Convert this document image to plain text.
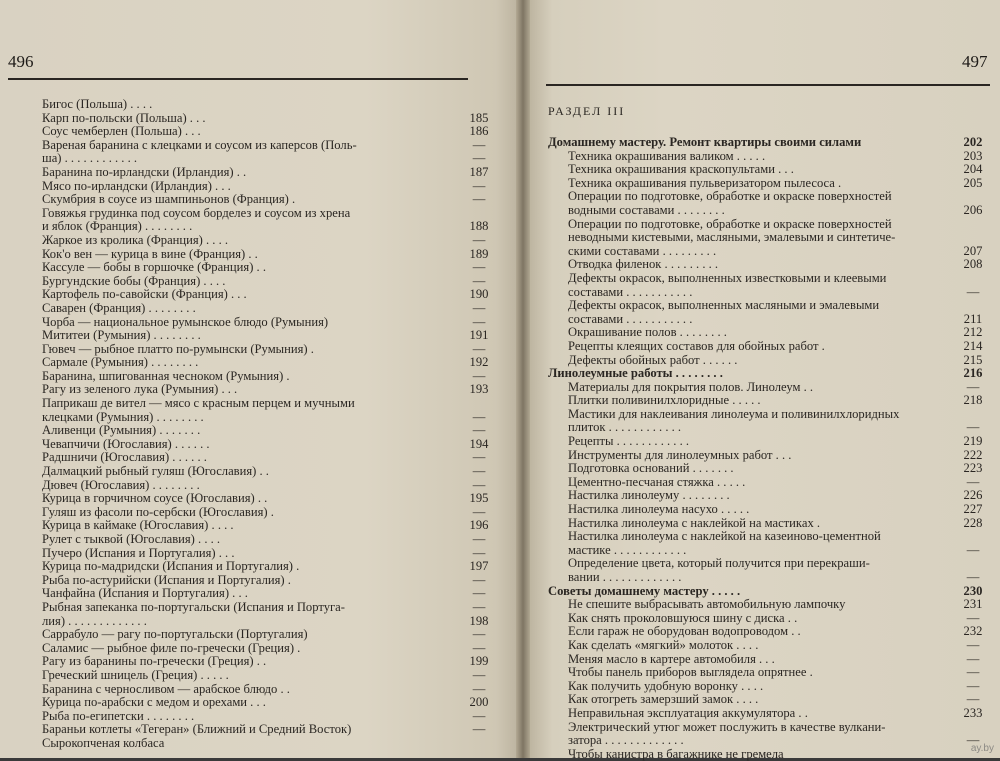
496	497
РАЗДЕЛ III
Бигос (Польша) . . . .
Карп по-польски (Польша) . . .	185
Соус чемберлен (Польша) . . .	186
Вареная баранина с клецками и соусом из каперсов (Поль-	—
ша) . . . . . . . . . . . .	—
Баранина по-ирландски (Ирландия) . .	187
Мясо по-ирландски (Ирландия) . . .	—
Скумбрия в соусе из шампиньонов (Франция) .	—
Говяжья грудинка под соусом борделез и соусом из хрена
и яблок (Франция) . . . . . . . .	188
Жаркое из кролика (Франция) . . . .	—
Кок'о вен — курица в вине (Франция) . .	189
Кассуле — бобы в горшочке (Франция) . .	—
Бургундские бобы (Франция) . . . .	—
Картофель по-савойски (Франция) . . .	190
Саварен (Франция) . . . . . . . .	—
Чорба — национальное румынское блюдо (Румыния)	—
Мититеи (Румыния) . . . . . . . .	191
Гювеч — рыбное платто по-румынски (Румыния) .	—
Сармале (Румыния) . . . . . . . .	192
Баранина, шпигованная чесноком (Румыния) .	—
Рагу из зеленого лука (Румыния) . . .	193
Паприкаш де вител — мясо с красным перцем и мучными
клецками (Румыния) . . . . . . . .	—
Аливенци (Румыния) . . . . . . .	—
Чевапчичи (Югославия) . . . . . .	194
Радшничи (Югославия) . . . . . .	—
Далмацкий рыбный гуляш (Югославия) . .	—
Дювеч (Югославия) . . . . . . . .	—
Курица в горчичном соусе (Югославия) . .	195
Гуляш из фасоли по-сербски (Югославия) .	—
Курица в каймаке (Югославия) . . . .	196
Рулет с тыквой (Югославия) . . . .	—
Пучеро (Испания и Португалия) . . .	—
Курица по-мадридски (Испания и Португалия) .	197
Рыба по-астурийски (Испания и Португалия) .	—
Чанфайна (Испания и Португалия) . . .	—
Рыбная запеканка по-португальски (Испания и Португа-	—
лия) . . . . . . . . . . . . .	198
Саррабуло — рагу по-португальски (Португалия)	—
Саламис — рыбное филе по-гречески (Греция) .	—
Рагу из баранины по-гречески (Греция) . .	199
Греческий шницель (Греция) . . . . .	—
Баранина с черносливом — арабское блюдо . .	—
Курица по-арабски с медом и орехами . . .	200
Рыба по-египетски . . . . . . . .	—
Бараньи котлеты «Тегеран» (Ближний и Средний Восток)	—
Сырокопченая колбаса
Домашнему мастеру. Ремонт квартиры своими силами	202
Техника окрашивания валиком . . . . .	203
Техника окрашивания краскопультами . . .	204
Техника окрашивания пульверизатором пылесоса .	205
Операции по подготовке, обработке и окраске поверхностей
водными составами . . . . . . . .	206
Операции по подготовке, обработке и окраске поверхностей
неводными кистевыми, масляными, эмалевыми и синтетиче-
скими составами . . . . . . . . .	207
Отводка филенок . . . . . . . . .	208
Дефекты окрасок, выполненных известковыми и клеевыми
составами . . . . . . . . . . .	—
Дефекты окрасок, выполненных масляными и эмалевыми
составами . . . . . . . . . . .	211
Окрашивание полов . . . . . . . .	212
Рецепты клеящих составов для обойных работ .	214
Дефекты обойных работ . . . . . .	215
Линолеумные работы . . . . . . . .	216
Материалы для покрытия полов. Линолеум . .	—
Плитки поливинилхлоридные . . . . .	218
Мастики для наклеивания линолеума и поливинилхлоридных
плиток . . . . . . . . . . . .	—
Рецепты . . . . . . . . . . . .	219
Инструменты для линолеумных работ . . .	222
Подготовка оснований . . . . . . .	223
Цементно-песчаная стяжка . . . . .	—
Настилка линолеуму . . . . . . . .	226
Настилка линолеума насухо . . . . .	227
Настилка линолеума с наклейкой на мастиках .	228
Настилка линолеума с наклейкой на казеиново-цементной
мастике . . . . . . . . . . . .	—
Определение цвета, который получится при перекраши-
вании . . . . . . . . . . . . .	—
Советы домашнему мастеру . . . . .	230
Не спешите выбрасывать автомобильную лампочку	231
Как снять проколовшуюся шину с диска . .	—
Если гараж не оборудован водопроводом . .	232
Как сделать «мягкий» молоток . . . .	—
Меняя масло в картере автомобиля . . .	—
Чтобы панель приборов выглядела опрятнее .	—
Как получить удобную воронку . . . .	—
Как отогреть замерзший замок . . . .	—
Неправильная эксплуатация аккумулятора . .	233
Электрический утюг может послужить в качестве вулкани-
затора . . . . . . . . . . . . .	—
Чтобы канистра в багажнике не гремела	ay.by
